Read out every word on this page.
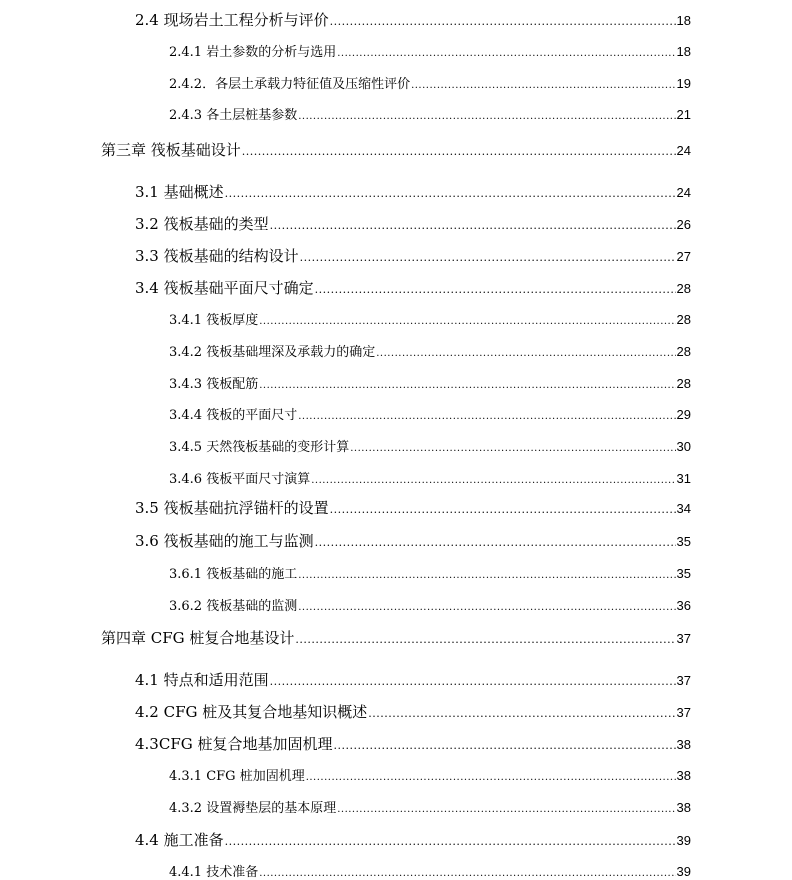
2.4 现场岩土工程分析与评价 .....	18
2.4.1 岩土参数的分析与选用 .....	18
2.4.2．各层土承载力特征值及压缩性评价 .....	19
2.4.3 各土层桩基参数 .....	21
第三章 筏板基础设计 .....	24
3.1 基础概述 .....	24
3.2 筏板基础的类型 .....	26
3.3 筏板基础的结构设计 .....	27
3.4 筏板基础平面尺寸确定 .....	28
3.4.1 筏板厚度 .....	28
3.4.2 筏板基础埋深及承载力的确定 .....	28
3.4.3 筏板配筋 .....	28
3.4.4 筏板的平面尺寸 .....	29
3.4.5 天然筏板基础的变形计算 .....	30
3.4.6 筏板平面尺寸演算 .....	31
3.5 筏板基础抗浮锚杆的设置 .....	34
3.6 筏板基础的施工与监测 .....	35
3.6.1 筏板基础的施工 .....	35
3.6.2 筏板基础的监测 .....	36
第四章 CFG 桩复合地基设计 .....	37
4.1 特点和适用范围 .....	37
4.2 CFG 桩及其复合地基知识概述 .....	37
4.3CFG 桩复合地基加固机理 .....	38
4.3.1 CFG 桩加固机理 .....	38
4.3.2 设置褥垫层的基本原理 .....	38
4.4 施工准备 .....	39
4.4.1 技术准备 .....	39
